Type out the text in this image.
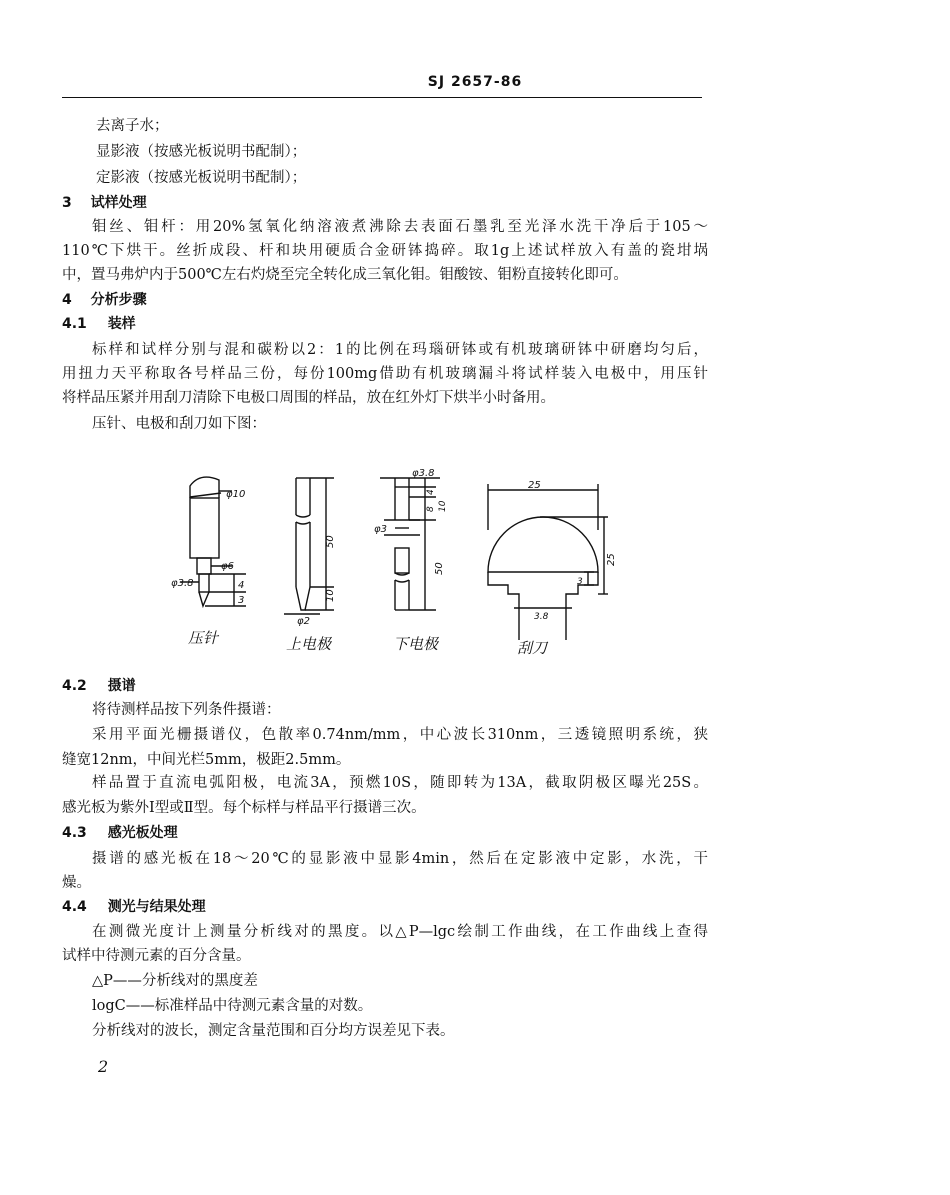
SJ 2657-86
去离子水；
显影液（按感光板说明书配制）；
定影液（按感光板说明书配制）；
3 试样处理
钼丝、钼杆：用20%氢氧化纳溶液煮沸除去表面石墨乳至光泽水洗干净后于105～
110℃下烘干。丝折成段、杆和块用硬质合金研钵捣碎。取1g上述试样放入有盖的瓷坩埚
中，置马弗炉内于500℃左右灼烧至完全转化成三氧化钼。钼酸铵、钼粉直接转化即可。
4 分析步骤
4.1 装样
标样和试样分别与混和碳粉以2：1的比例在玛瑙研钵或有机玻璃研钵中研磨均匀后，
用扭力天平称取各号样品三份，每份100mg借助有机玻璃漏斗将试样装入电极中，用压针
将样品压紧并用刮刀清除下电极口周围的样品，放在红外灯下烘半小时备用。
压针、电极和刮刀如下图：
φ10
φ6
φ3.8	4
3
50
10
φ2
φ3.8
φ3
4
8 10
50
25
25
3
3.8
压针	上电极	下电极	刮刀
4.2 摄谱
将待测样品按下列条件摄谱：
采用平面光栅摄谱仪，色散率0.74nm/mm，中心波长310nm，三透镜照明系统，狭
缝宽12nm，中间光栏5mm，极距2.5mm。
样品置于直流电弧阳极，电流3A，预燃10S，随即转为13A，截取阴极区曝光25S。
感光板为紫外Ⅰ型或Ⅱ型。每个标样与样品平行摄谱三次。
4.3 感光板处理
摄谱的感光板在18～20℃的显影液中显影4min，然后在定影液中定影，水洗，干
燥。
4.4 测光与结果处理
在测微光度计上测量分析线对的黑度。以△P—lgc绘制工作曲线，在工作曲线上查得
试样中待测元素的百分含量。
△P——分析线对的黑度差
logC——标准样品中待测元素含量的对数。
分析线对的波长，测定含量范围和百分均方误差见下表。
2
